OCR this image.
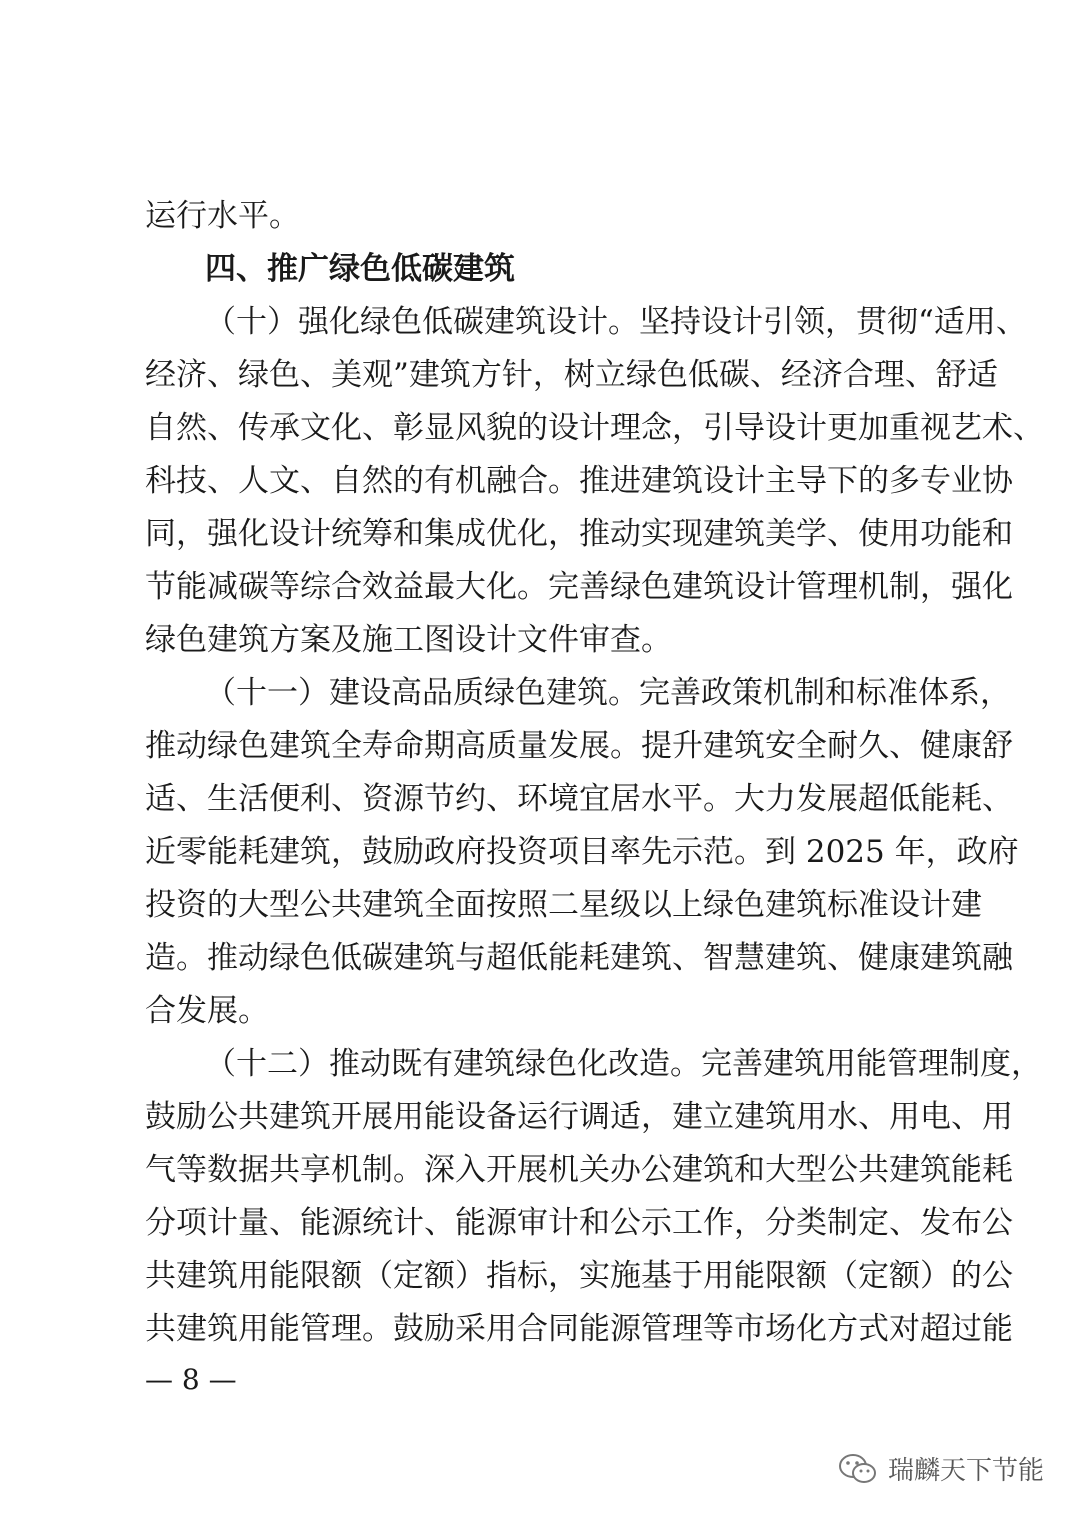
运行水平。
四、推广绿色低碳建筑
（十）强化绿色低碳建筑设计。坚持设计引领，贯彻“适用、
经济、绿色、美观”建筑方针，树立绿色低碳、经济合理、舒适
自然、传承文化、彰显风貌的设计理念，引导设计更加重视艺术、
科技、人文、自然的有机融合。推进建筑设计主导下的多专业协
同，强化设计统筹和集成优化，推动实现建筑美学、使用功能和
节能减碳等综合效益最大化。完善绿色建筑设计管理机制，强化
绿色建筑方案及施工图设计文件审查。
（十一）建设高品质绿色建筑。完善政策机制和标准体系，
推动绿色建筑全寿命期高质量发展。提升建筑安全耐久、健康舒
适、生活便利、资源节约、环境宜居水平。大力发展超低能耗、
近零能耗建筑，鼓励政府投资项目率先示范。到 2025 年，政府
投资的大型公共建筑全面按照二星级以上绿色建筑标准设计建
造。推动绿色低碳建筑与超低能耗建筑、智慧建筑、健康建筑融
合发展。
（十二）推动既有建筑绿色化改造。完善建筑用能管理制度，
鼓励公共建筑开展用能设备运行调适，建立建筑用水、用电、用
气等数据共享机制。深入开展机关办公建筑和大型公共建筑能耗
分项计量、能源统计、能源审计和公示工作，分类制定、发布公
共建筑用能限额（定额）指标，实施基于用能限额（定额）的公
共建筑用能管理。鼓励采用合同能源管理等市场化方式对超过能
— 8 —
瑞麟天下节能
